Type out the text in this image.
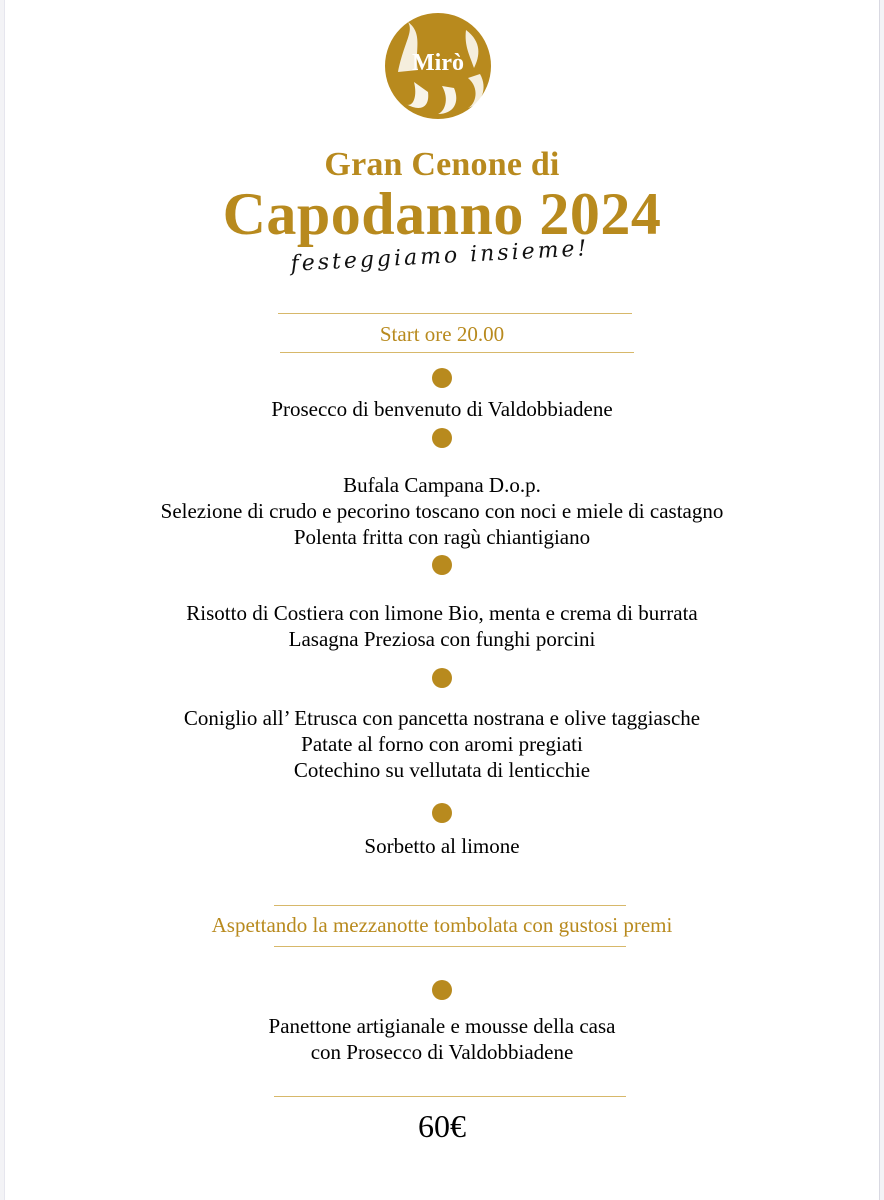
Mirò
Gran Cenone di
Capodanno 2024
festeggiamo insieme!
Start ore 20.00
Prosecco di benvenuto di Valdobbiadene
Bufala Campana D.o.p.
Selezione di crudo e pecorino toscano con noci e miele di castagno
Polenta fritta con ragù chiantigiano
Risotto di Costiera con limone Bio, menta e crema di burrata
Lasagna Preziosa con funghi porcini
Coniglio all’ Etrusca con pancetta nostrana e olive taggiasche
Patate al forno con aromi pregiati
Cotechino su vellutata di lenticchie
Sorbetto al limone
Aspettando la mezzanotte tombolata con gustosi premi
Panettone artigianale e mousse della casa
con Prosecco di Valdobbiadene
60€
